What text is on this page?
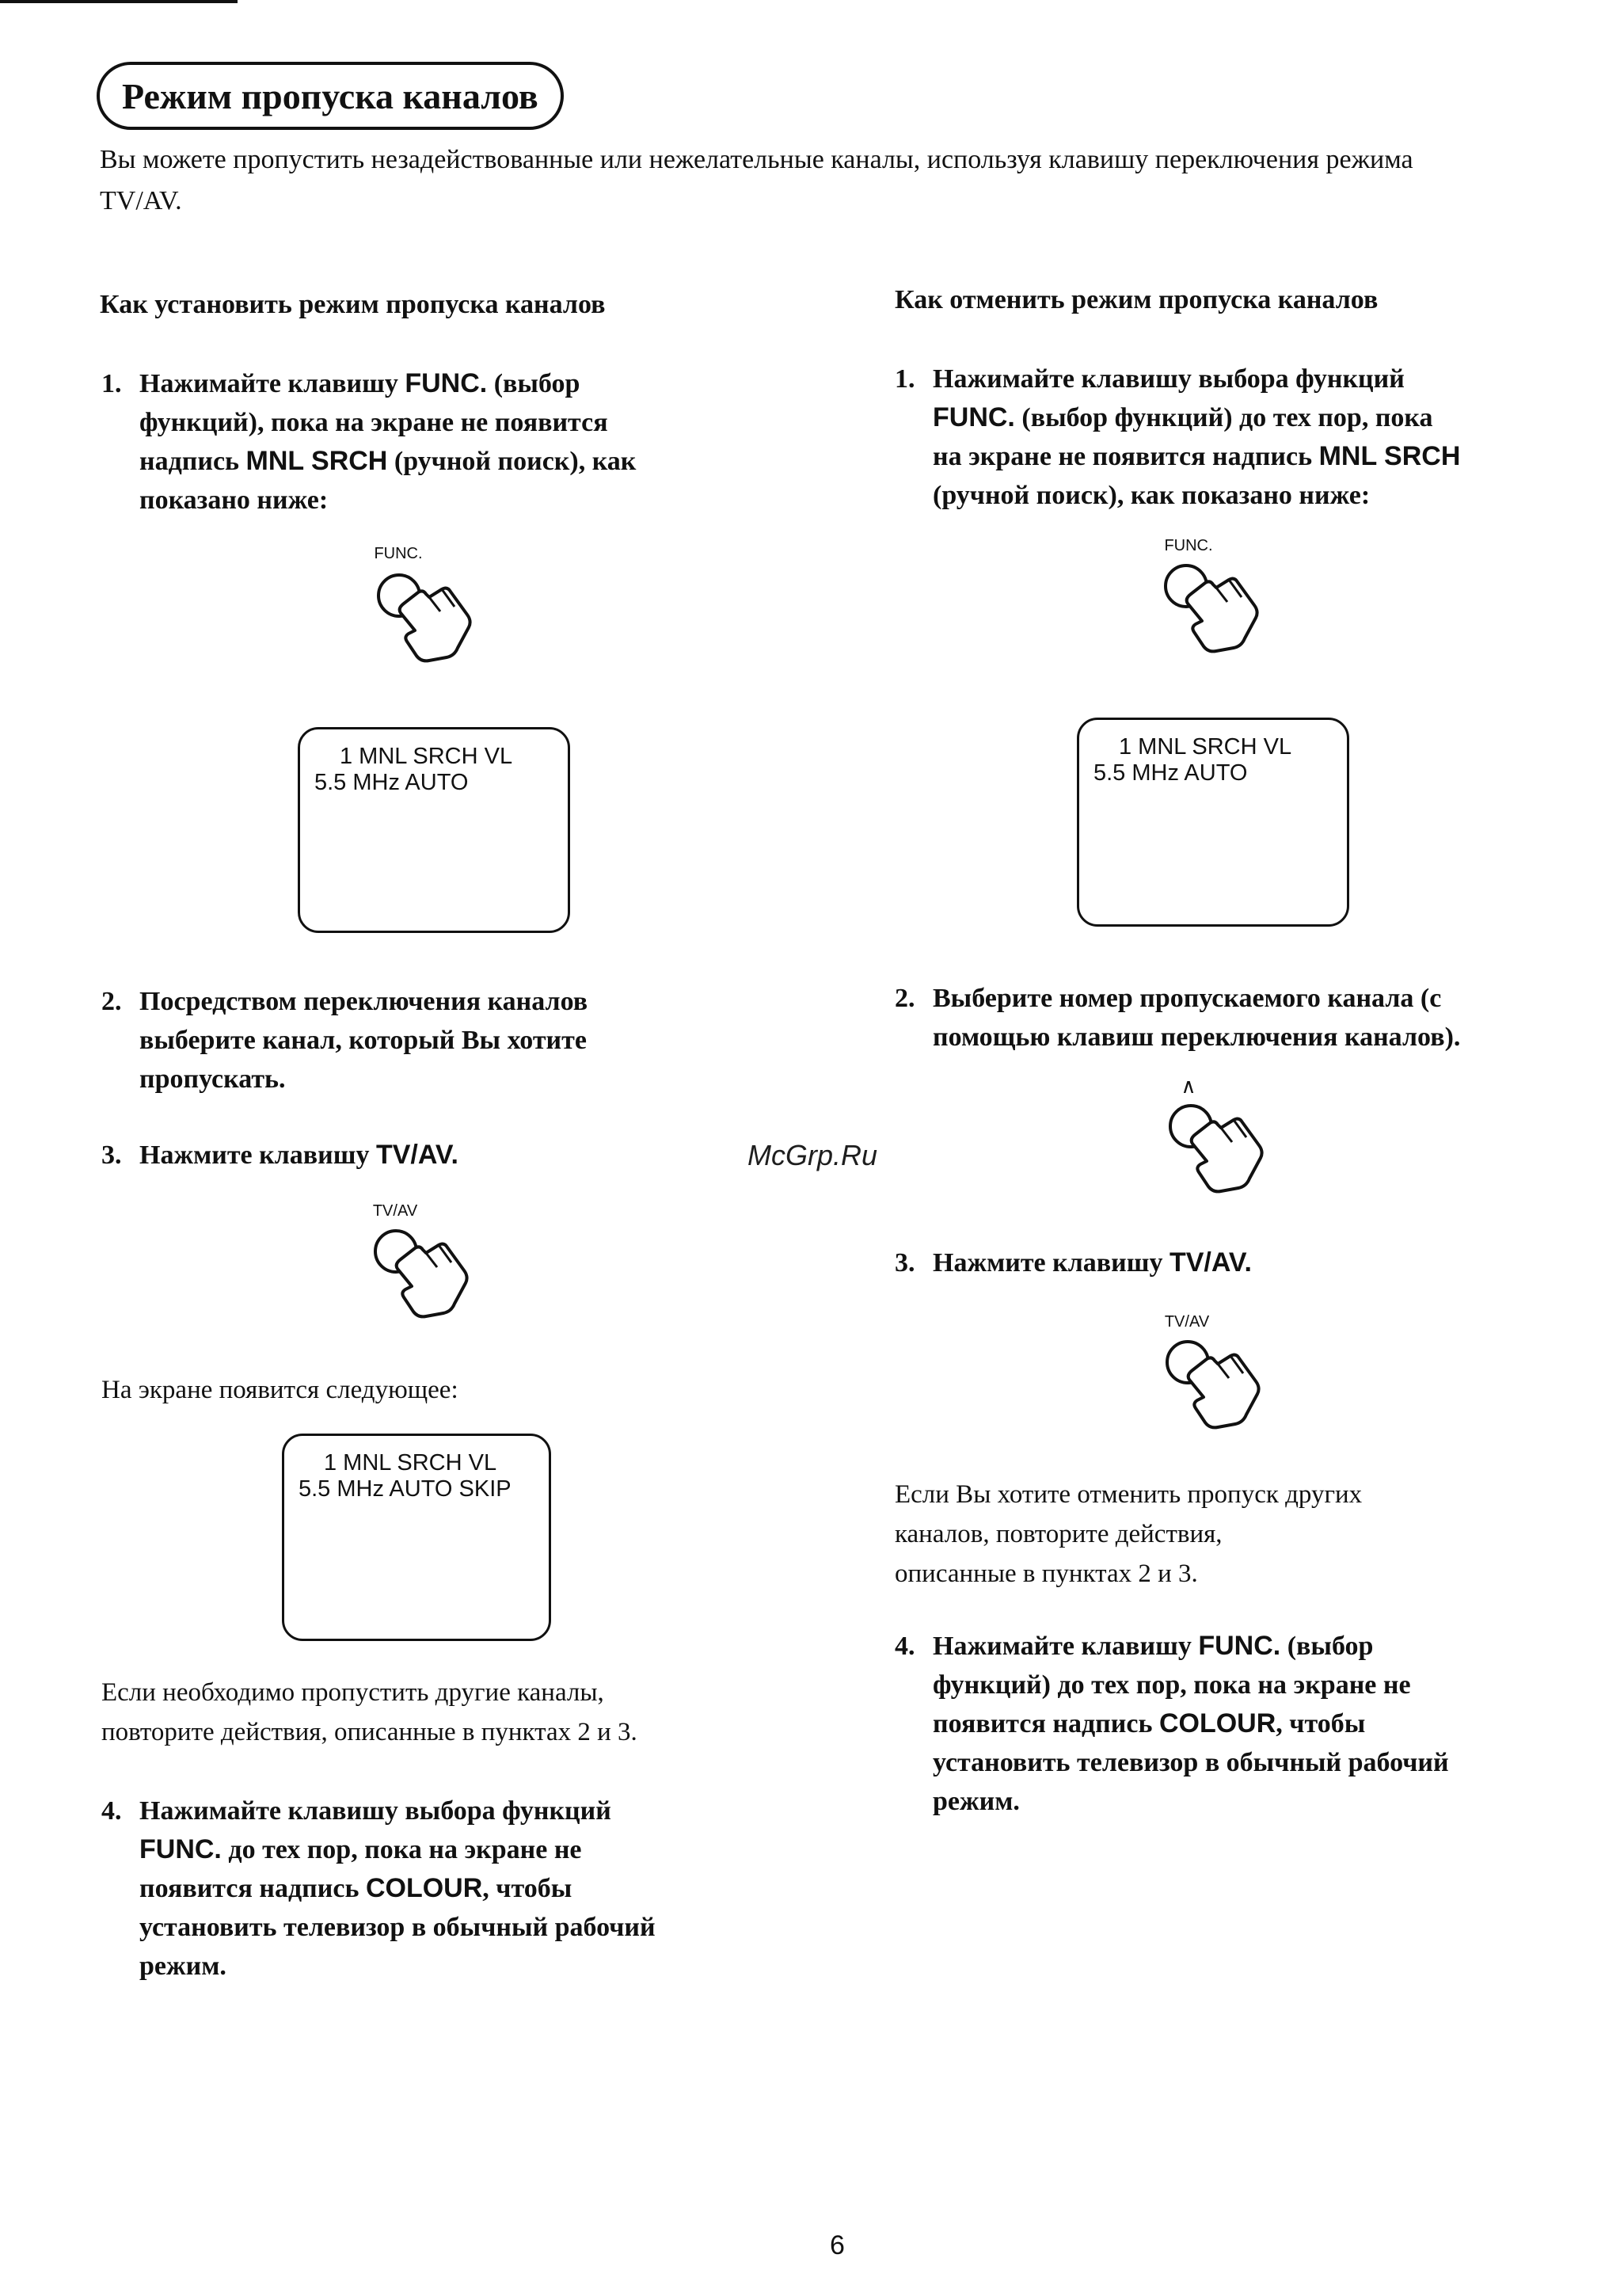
Режим пропуска каналов
Вы можете пропустить незадействованные или нежелательные каналы, используя клавишу переключения режима TV/AV.
Как установить режим пропуска каналов
1. Нажимайте клавишу FUNC. (выбор
функций), пока на экране не появится
надпись MNL SRCH (ручной поиск), как
показано ниже:
FUNC.
1 MNL SRCH VL
5.5 MHz AUTO
2. Посредством переключения каналов
выберите канал, который Вы хотите
пропускать.
3. Нажмите клавишу TV/AV.
TV/AV
На экране появится следующее:
1 MNL SRCH VL
5.5 MHz AUTO SKIP
Если необходимо пропустить другие каналы,
повторите действия, описанные в пунктах 2 и 3.
4. Нажимайте клавишу выбора функций
FUNC. до тех пор, пока на экране не
появится надпись COLOUR, чтобы
установить телевизор в обычный рабочий
режим.
Как отменить режим пропуска каналов
1. Нажимайте клавишу выбора функций
FUNC. (выбор функций) до тех пор, пока
на экране не появится надпись MNL SRCH
(ручной поиск), как показано ниже:
FUNC.
1 MNL SRCH VL
5.5 MHz AUTO
2. Выберите номер пропускаемого канала (с
помощью клавиш переключения каналов).
∧
3. Нажмите клавишу TV/AV.
TV/AV
Если Вы хотите отменить пропуск других
каналов, повторите действия,
описанные в пунктах 2 и 3.
4. Нажимайте клавишу FUNC. (выбор
функций) до тех пор, пока на экране не
появится надпись COLOUR, чтобы
установить телевизор в обычный рабочий
режим.
McGrp.Ru
6
